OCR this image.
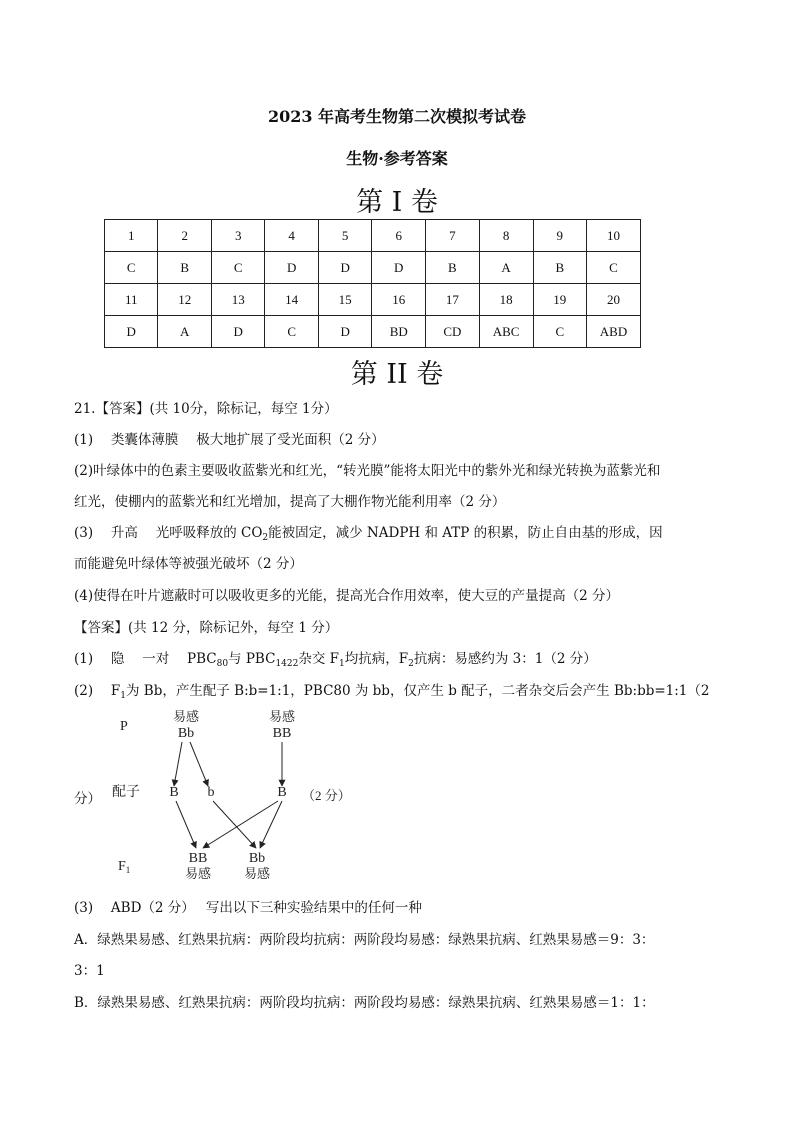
2023 年高考生物第二次模拟考试卷
生物·参考答案
第 I 卷
1	2	3	4	5	6	7	8	9	10
C	B	C	D	D	D	B	A	B	C
11	12	13	14	15	16	17	18	19	20
D	A	D	C	D	BD	CD	ABC	C	ABD
第 II 卷
21.【答案】(共 10分，除标记，每空 1分）
(1)　 类囊体薄膜　 极大地扩展了受光面积（2 分）
(2)叶绿体中的色素主要吸收蓝紫光和红光，“转光膜”能将太阳光中的紫外光和绿光转换为蓝紫光和
红光，使棚内的蓝紫光和红光增加，提高了大棚作物光能利用率（2 分）
(3)　 升高　 光呼吸释放的 $CO_2$能被固定，减少 NADPH 和 ATP 的积累，防止自由基的形成，因
而能避免叶绿体等被强光破坏（2 分）
(4)使得在叶片遮蔽时可以吸收更多的光能，提高光合作用效率，使大豆的产量提高（2 分）
【答案】(共 12 分，除标记外，每空 1 分）
(1)　 隐　 一对　 $PBC_{80}$与 $PBC_{1422}$杂交 $F_1$均抗病，$F_2$抗病：易感约为 3：1（2 分）
(2)　 $F_1$为 Bb，产生配子 B:b=1:1，PBC80 为 bb，仅产生 b 配子，二者杂交后会产生 Bb:bb=1:1（2
分）
P
易感
Bb
易感
BB
配子 B b	B （2 分）
$F_1$
BB
易感
Bb
易感
(3)　 ABD（2 分）　 写出以下三种实验结果中的任何一种
A．绿熟果易感、红熟果抗病：两阶段均抗病：两阶段均易感：绿熟果抗病、红熟果易感＝9：3：
3：1
B．绿熟果易感、红熟果抗病：两阶段均抗病：两阶段均易感：绿熟果抗病、红熟果易感＝1：1：
